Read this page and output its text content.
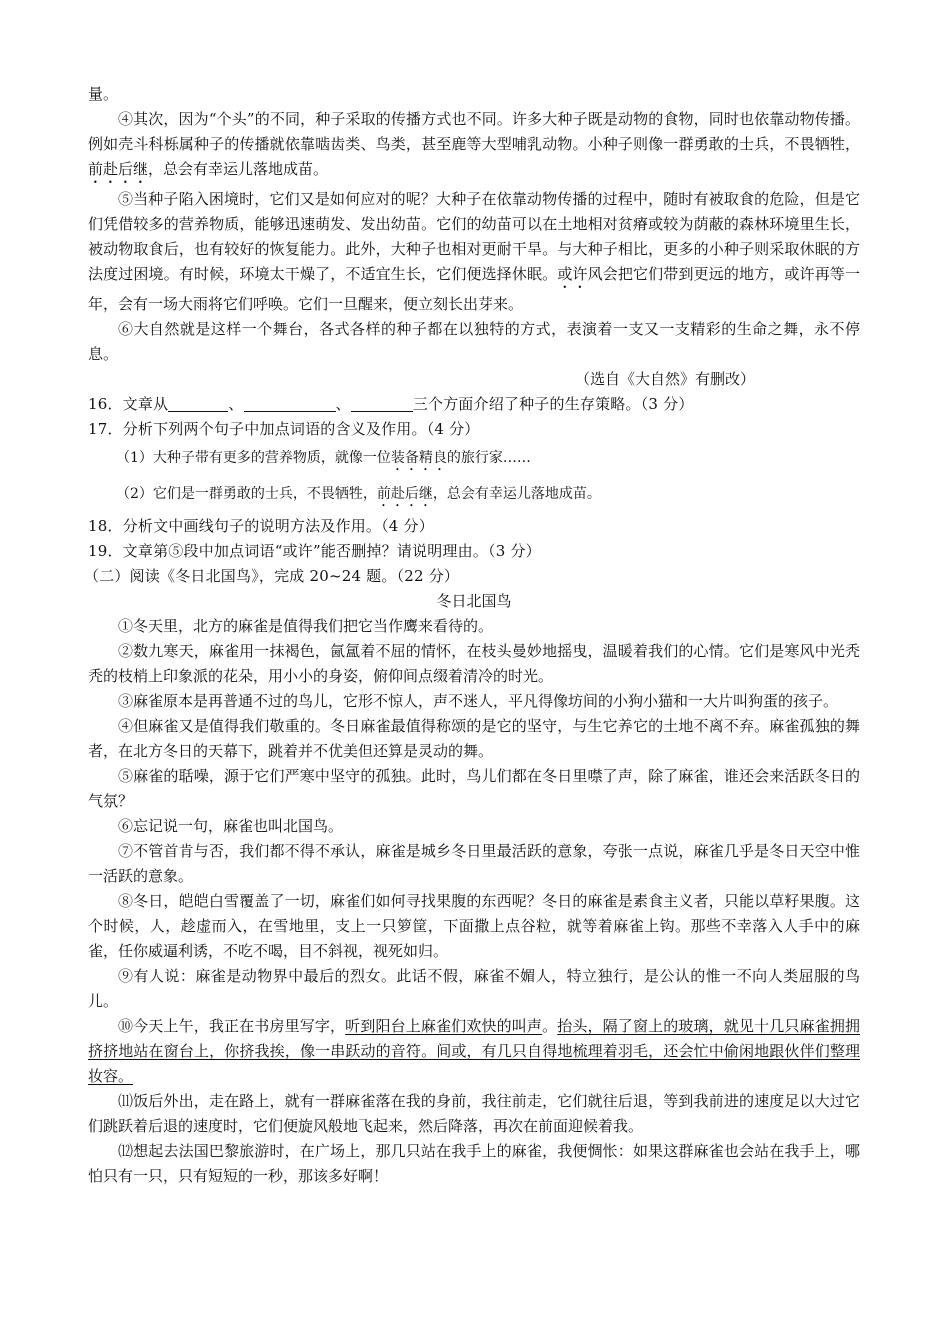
量。

④其次，因为“个头”的不同，种子采取的传播方式也不同。许多大种子既是动物的食物，同时也依靠动物传播。例如壳斗科栎属种子的传播就依靠啮齿类、鸟类，甚至鹿等大型哺乳动物。小种子则像一群勇敢的士兵，不畏牺牲，前赴后继，总会有幸运儿落地成苗。

⑤当种子陷入困境时，它们又是如何应对的呢？大种子在依靠动物传播的过程中，随时有被取食的危险，但是它们凭借较多的营养物质，能够迅速萌发、发出幼苗。它们的幼苗可以在土地相对贫瘠或较为荫蔽的森林环境里生长，被动物取食后，也有较好的恢复能力。此外，大种子也相对更耐干旱。与大种子相比，更多的小种子则采取休眠的方法度过困境。有时候，环境太干燥了，不适宜生长，它们便选择休眠。或许风会把它们带到更远的地方，或许再等一年，会有一场大雨将它们呼唤。它们一旦醒来，便立刻长出芽来。

⑥大自然就是这样一个舞台，各式各样的种子都在以独特的方式，表演着一支又一支精彩的生命之舞，永不停息。

（选自《大自然》有删改）

16．文章从	、	、	三个方面介绍了种子的生存策略。（3 分）

17．分析下列两个句子中加点词语的含义及作用。（4 分）

（1）大种子带有更多的营养物质，就像一位装备精良的旅行家……

（2）它们是一群勇敢的士兵，不畏牺牲，前赴后继，总会有幸运儿落地成苗。

18．分析文中画线句子的说明方法及作用。（4 分）

19．文章第⑤段中加点词语“或许”能否删掉？请说明理由。（3 分）

（二）阅读《冬日北国鸟》，完成 20~24 题。（22 分）

冬日北国鸟

①冬天里，北方的麻雀是值得我们把它当作鹰来看待的。

②数九寒天，麻雀用一抹褐色，氤氲着不屈的情怀，在枝头曼妙地摇曳，温暖着我们的心情。它们是寒风中光秃秃的枝梢上印象派的花朵，用小小的身姿，俯仰间点缀着清冷的时光。

③麻雀原本是再普通不过的鸟儿，它形不惊人，声不迷人，平凡得像坊间的小狗小猫和一大片叫狗蛋的孩子。

④但麻雀又是值得我们敬重的。冬日麻雀最值得称颂的是它的坚守，与生它养它的土地不离不弃。麻雀孤独的舞者，在北方冬日的天幕下，跳着并不优美但还算是灵动的舞。

⑤麻雀的聒噪，源于它们严寒中坚守的孤独。此时，鸟儿们都在冬日里噤了声，除了麻雀，谁还会来活跃冬日的气氛？

⑥忘记说一句，麻雀也叫北国鸟。

⑦不管首肯与否，我们都不得不承认，麻雀是城乡冬日里最活跃的意象，夸张一点说，麻雀几乎是冬日天空中惟一活跃的意象。

⑧冬日，皑皑白雪覆盖了一切，麻雀们如何寻找果腹的东西呢？冬日的麻雀是素食主义者，只能以草籽果腹。这个时候，人，趁虚而入，在雪地里，支上一只箩筐，下面撒上点谷粒，就等着麻雀上钩。那些不幸落入人手中的麻雀，任你威逼利诱，不吃不喝，目不斜视，视死如归。

⑨有人说：麻雀是动物界中最后的烈女。此话不假，麻雀不媚人，特立独行，是公认的惟一不向人类屈服的鸟儿。

⑩今天上午，我正在书房里写字，听到阳台上麻雀们欢快的叫声。抬头，隔了窗上的玻璃，就见十几只麻雀拥拥挤挤地站在窗台上，你挤我挨，像一串跃动的音符。间或，有几只自得地梳理着羽毛，还会忙中偷闲地跟伙伴们整理妆容。

⑾饭后外出，走在路上，就有一群麻雀落在我的身前，我往前走，它们就往后退，等到我前进的速度足以大过它们跳跃着后退的速度时，它们便旋风般地飞起来，然后降落，再次在前面迎候着我。

⑿想起去法国巴黎旅游时，在广场上，那几只站在我手上的麻雀，我便惆怅：如果这群麻雀也会站在我手上，哪怕只有一只，只有短短的一秒，那该多好啊！
